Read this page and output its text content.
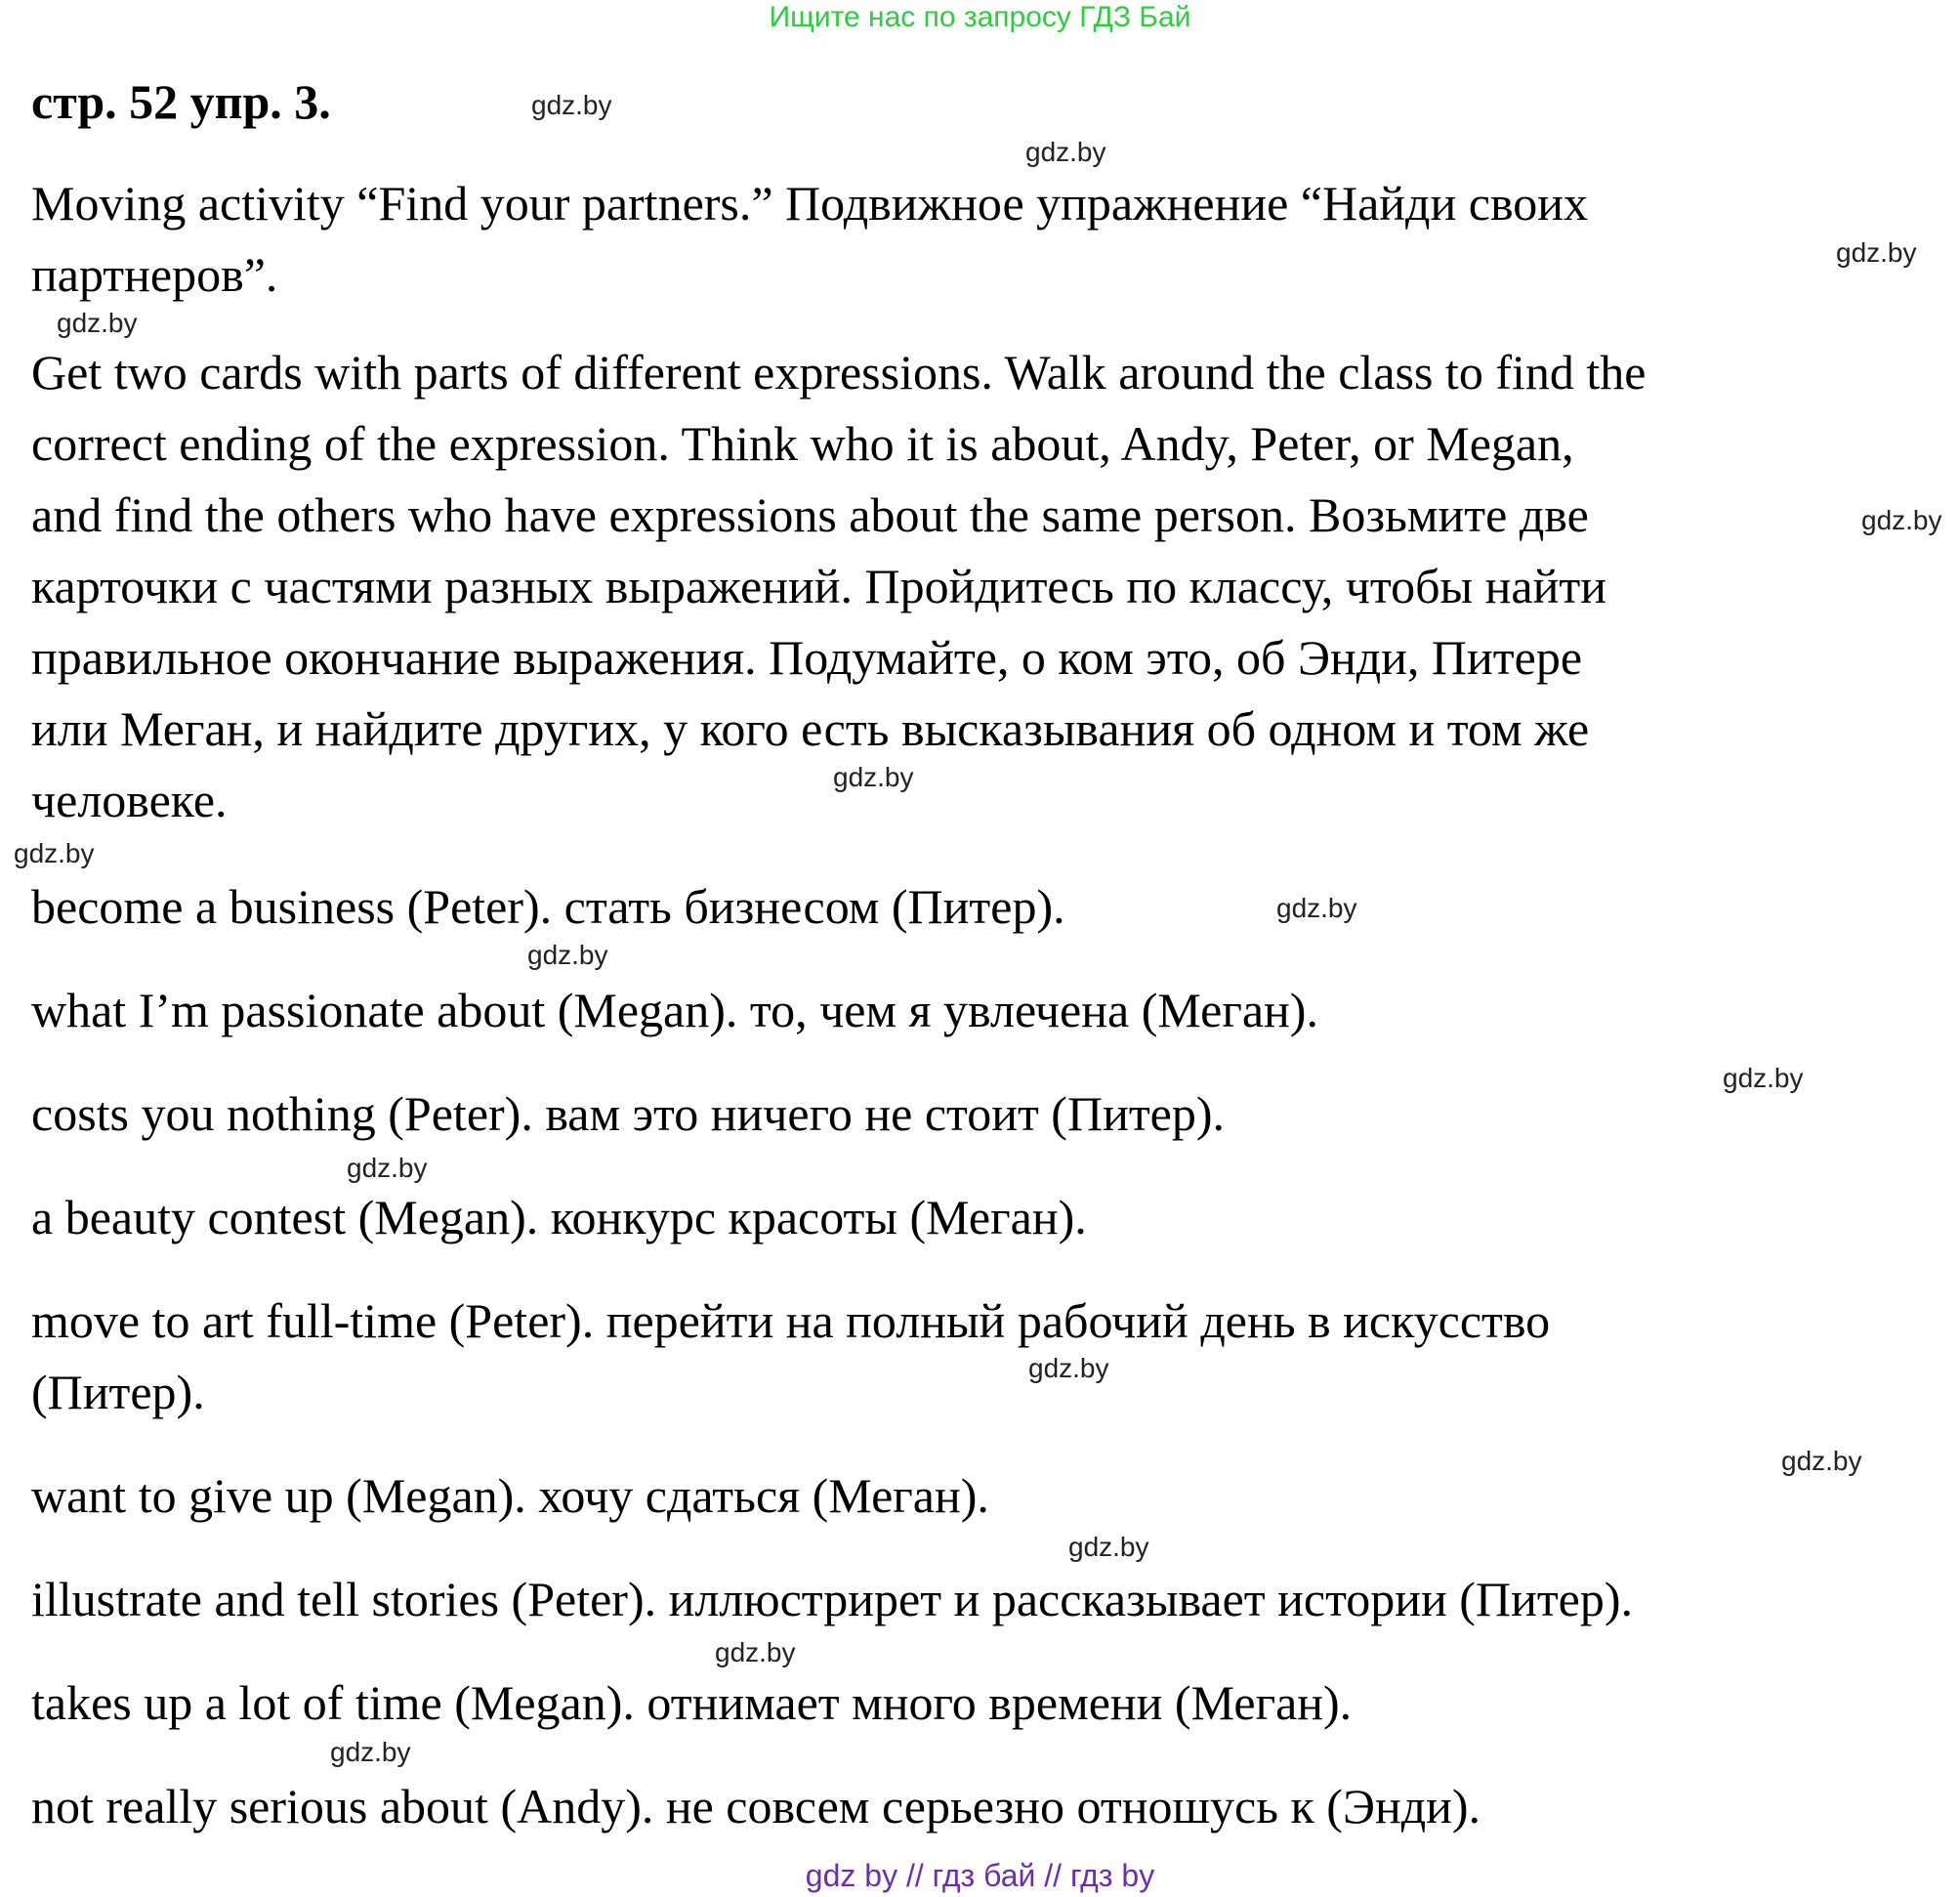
Ищите нас по запросу ГДЗ Бай
стр. 52 упр. 3.

Moving activity “Find your partners.” Подвижное упражнение “Найди своих
партнеров”.

Get two cards with parts of different expressions. Walk around the class to find the
correct ending of the expression. Think who it is about, Andy, Peter, or Megan,
and find the others who have expressions about the same person. Возьмите две
карточки с частями разных выражений. Пройдитесь по классу, чтобы найти
правильное окончание выражения. Подумайте, о ком это, об Энди, Питере
или Меган, и найдите других, у кого есть высказывания об одном и том же
человеке.

become a business (Peter). стать бизнесом (Питер).

what I’m passionate about (Megan). то, чем я увлечена (Меган).

costs you nothing (Peter). вам это ничего не стоит (Питер).

a beauty contest (Megan). конкурс красоты (Меган).

move to art full-time (Peter). перейти на полный рабочий день в искусство

(Питер).

want to give up (Megan). хочу сдаться (Меган).

illustrate and tell stories (Peter). иллюстрирет и рассказывает истории (Питер).

takes up a lot of time (Megan). отнимает много времени (Меган).

not really serious about (Andy). не совсем серьезно отношусь к (Энди).

gdz.by
gdz.by
gdz.by
gdz.by
gdz.by
gdz.by
gdz.by
gdz.by
gdz.by
gdz.by
gdz.by
gdz.by
gdz.by
gdz.by
gdz.by
gdz.by
gdz by // гдз бай // гдз by
